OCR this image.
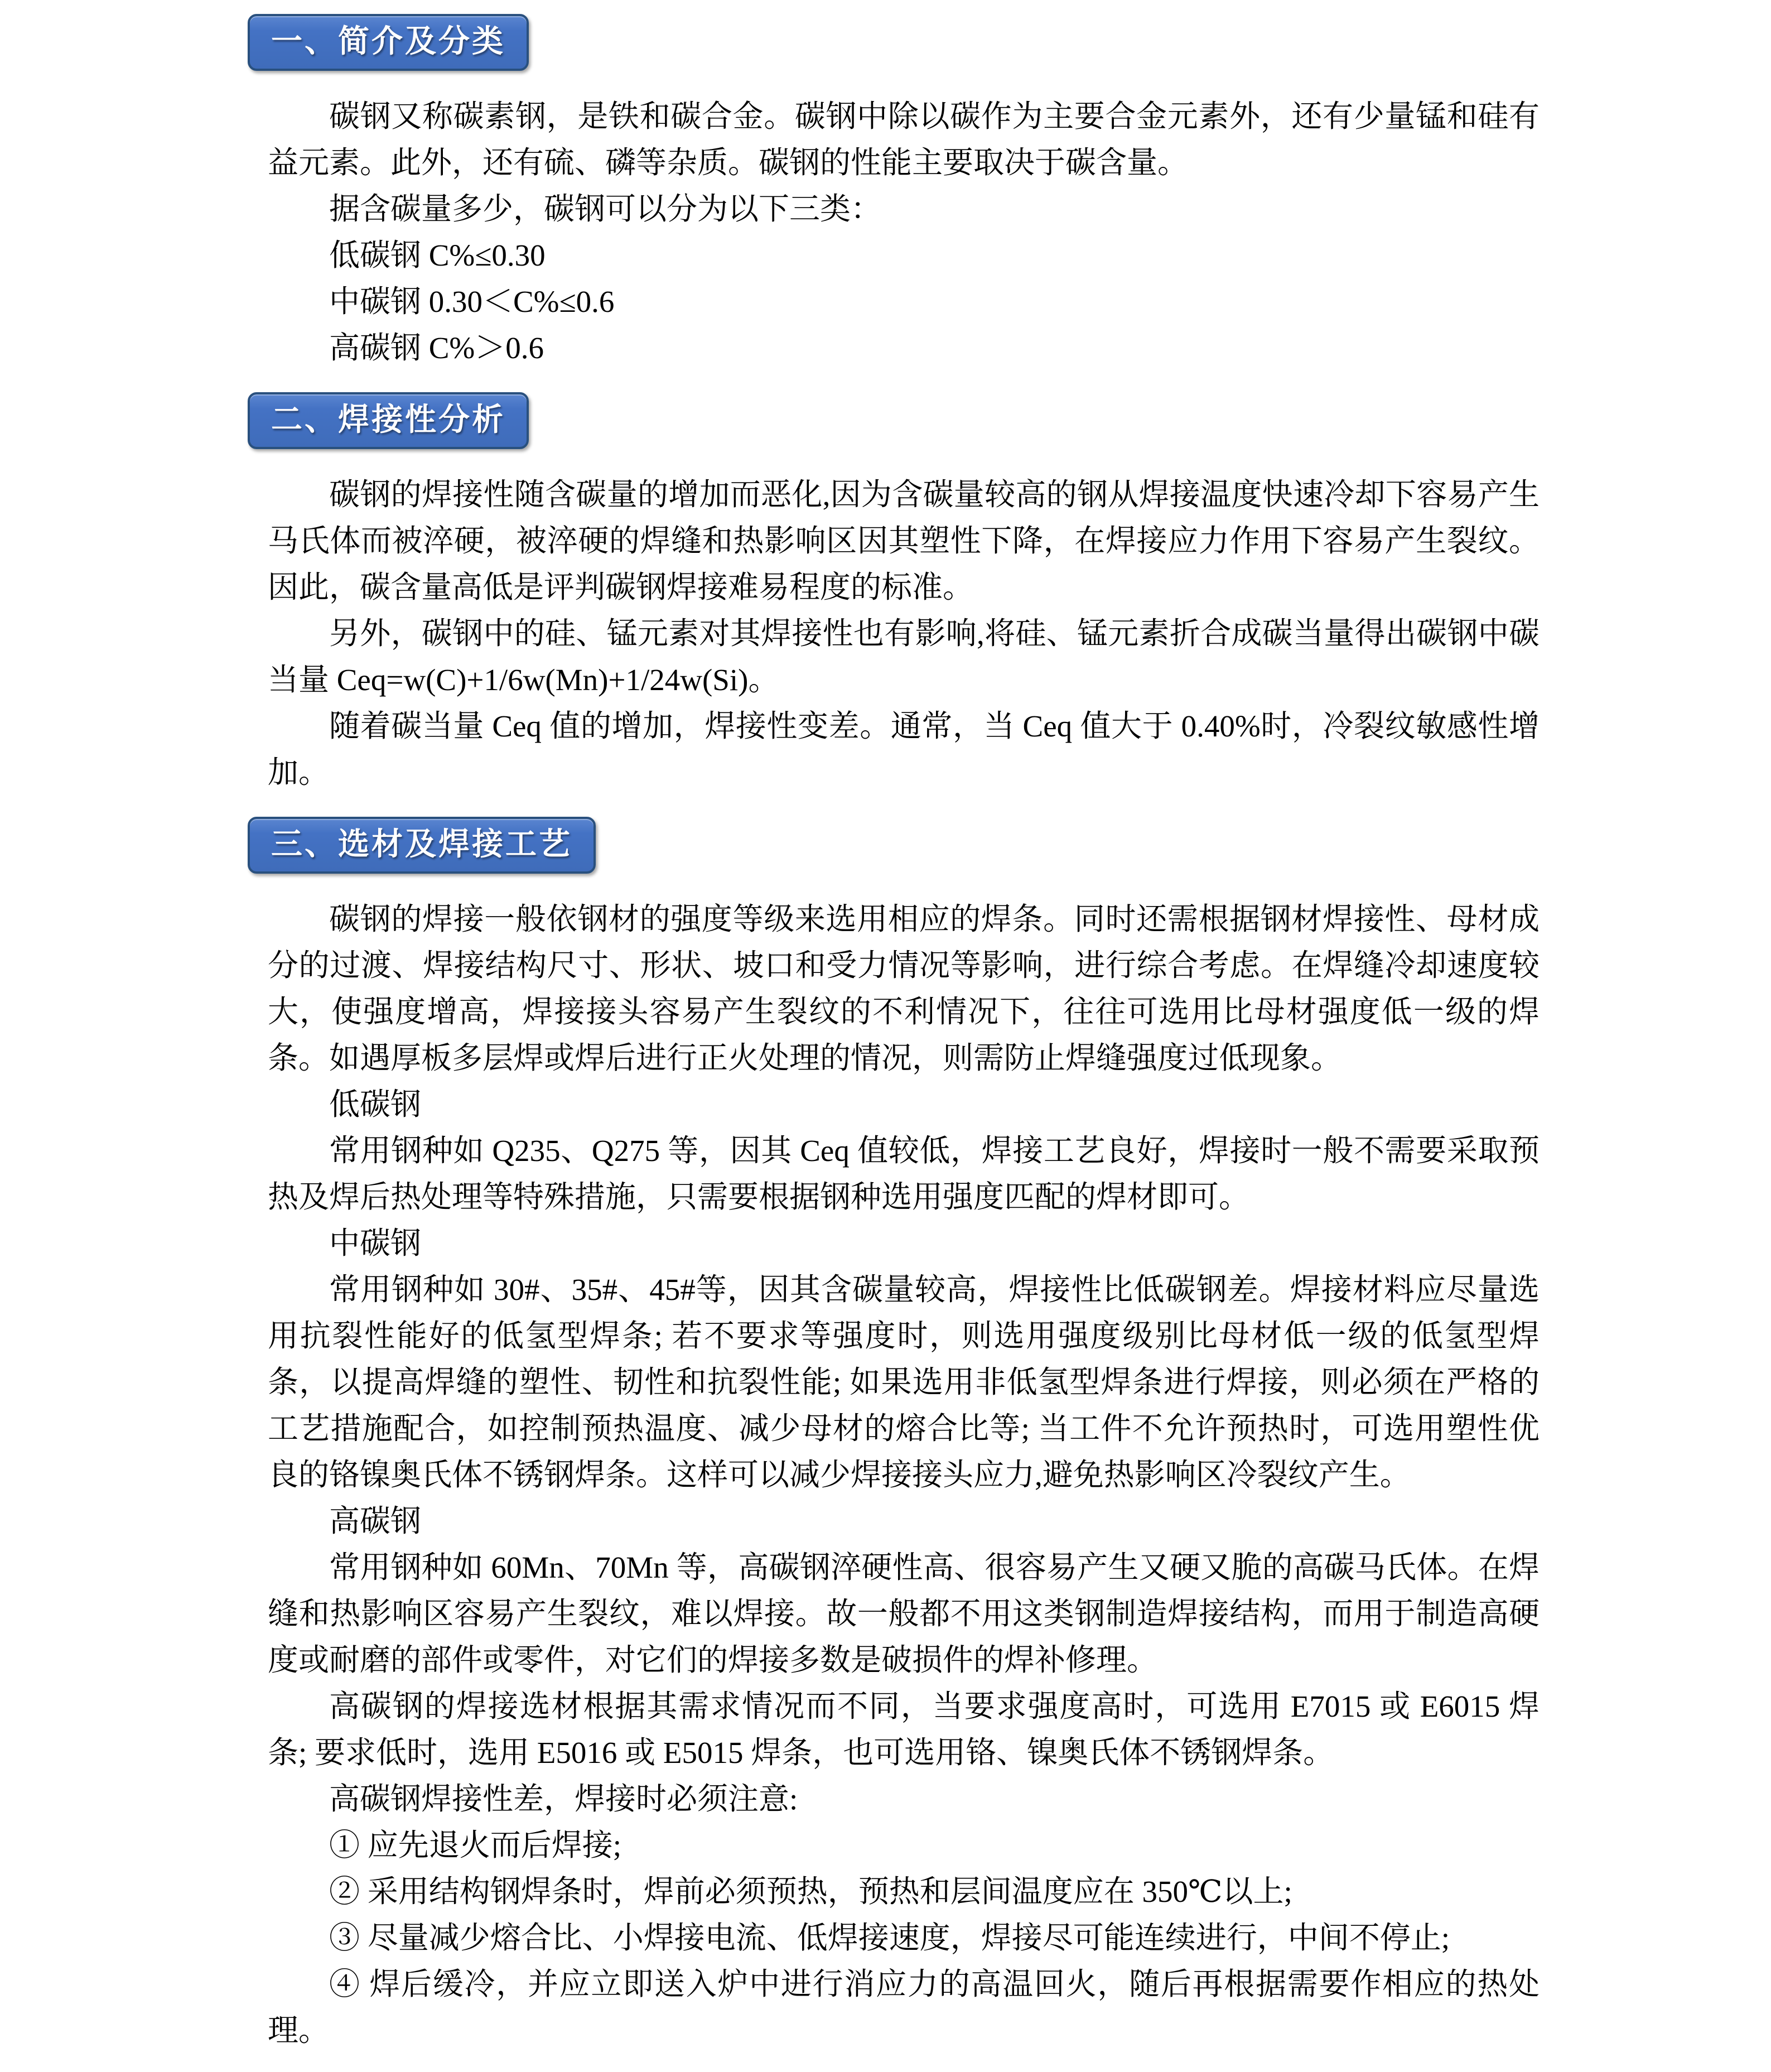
一、简介及分类

碳钢又称碳素钢，是铁和碳合金。碳钢中除以碳作为主要合金元素外，还有少量锰和硅有益元素。此外，还有硫、磷等杂质。碳钢的性能主要取决于碳含量。

据含碳量多少，碳钢可以分为以下三类：

低碳钢 C%≤0.30

中碳钢 0.30＜C%≤0.6

高碳钢 C%＞0.6

二、焊接性分析

碳钢的焊接性随含碳量的增加而恶化,因为含碳量较高的钢从焊接温度快速冷却下容易产生马氏体而被淬硬，被淬硬的焊缝和热影响区因其塑性下降，在焊接应力作用下容易产生裂纹。因此，碳含量高低是评判碳钢焊接难易程度的标准。

另外，碳钢中的硅、锰元素对其焊接性也有影响,将硅、锰元素折合成碳当量得出碳钢中碳当量 Ceq=w(C)+1/6w(Mn)+1/24w(Si)。

随着碳当量 Ceq 值的增加，焊接性变差。通常，当 Ceq 值大于 0.40%时，冷裂纹敏感性增加。

三、选材及焊接工艺

碳钢的焊接一般依钢材的强度等级来选用相应的焊条。同时还需根据钢材焊接性、母材成分的过渡、焊接结构尺寸、形状、坡口和受力情况等影响，进行综合考虑。在焊缝冷却速度较大，使强度增高，焊接接头容易产生裂纹的不利情况下，往往可选用比母材强度低一级的焊条。如遇厚板多层焊或焊后进行正火处理的情况，则需防止焊缝强度过低现象。

低碳钢

常用钢种如 Q235、Q275 等，因其 Ceq 值较低，焊接工艺良好，焊接时一般不需要采取预热及焊后热处理等特殊措施，只需要根据钢种选用强度匹配的焊材即可。

中碳钢

常用钢种如 30#、35#、45#等，因其含碳量较高，焊接性比低碳钢差。焊接材料应尽量选用抗裂性能好的低氢型焊条; 若不要求等强度时，则选用强度级别比母材低一级的低氢型焊条，以提高焊缝的塑性、韧性和抗裂性能; 如果选用非低氢型焊条进行焊接，则必须在严格的工艺措施配合，如控制预热温度、减少母材的熔合比等; 当工件不允许预热时，可选用塑性优良的铬镍奥氏体不锈钢焊条。这样可以减少焊接接头应力,避免热影响区冷裂纹产生。

高碳钢

常用钢种如 60Mn、70Mn 等，高碳钢淬硬性高、很容易产生又硬又脆的高碳马氏体。在焊缝和热影响区容易产生裂纹，难以焊接。故一般都不用这类钢制造焊接结构，而用于制造高硬度或耐磨的部件或零件，对它们的焊接多数是破损件的焊补修理。

高碳钢的焊接选材根据其需求情况而不同，当要求强度高时，可选用 E7015 或 E6015 焊条; 要求低时，选用 E5016 或 E5015 焊条，也可选用铬、镍奥氏体不锈钢焊条。

高碳钢焊接性差，焊接时必须注意:

① 应先退火而后焊接;

② 采用结构钢焊条时，焊前必须预热，预热和层间温度应在 350℃以上;

③ 尽量减少熔合比、小焊接电流、低焊接速度，焊接尽可能连续进行，中间不停止;

④ 焊后缓冷，并应立即送入炉中进行消应力的高温回火，随后再根据需要作相应的热处理。
